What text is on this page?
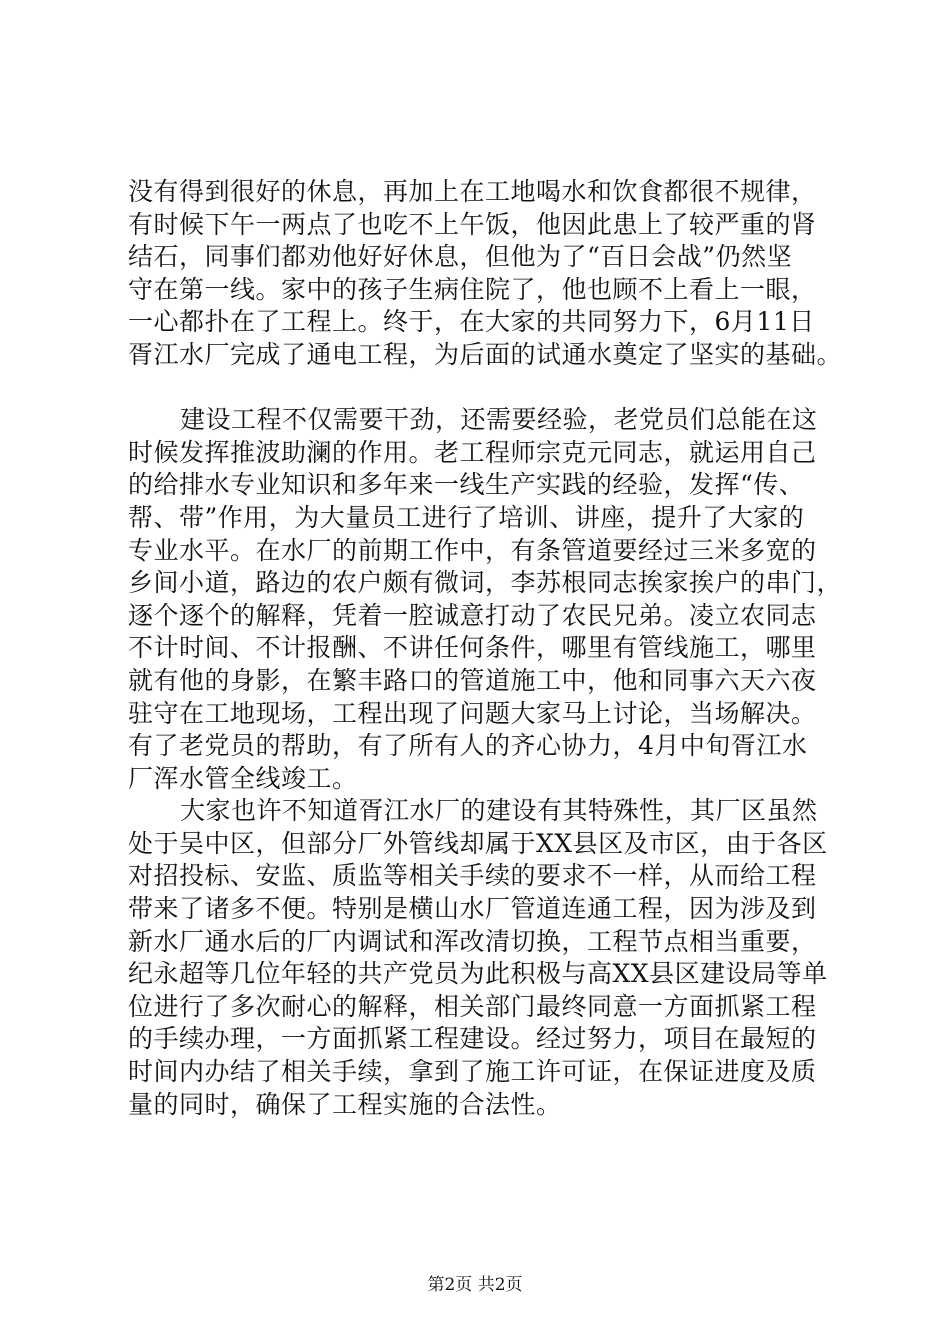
没有得到很好的休息，再加上在工地喝水和饮食都很不规律，
有时候下午一两点了也吃不上午饭，他因此患上了较严重的肾
结石，同事们都劝他好好休息，但他为了“百日会战”仍然坚
守在第一线。家中的孩子生病住院了，他也顾不上看上一眼，
一心都扑在了工程上。终于，在大家的共同努力下，6月11日
胥江水厂完成了通电工程，为后面的试通水奠定了坚实的基础。
建设工程不仅需要干劲，还需要经验，老党员们总能在这
时候发挥推波助澜的作用。老工程师宗克元同志，就运用自己
的给排水专业知识和多年来一线生产实践的经验，发挥“传、
帮、带”作用，为大量员工进行了培训、讲座，提升了大家的
专业水平。在水厂的前期工作中，有条管道要经过三米多宽的
乡间小道，路边的农户颇有微词，李苏根同志挨家挨户的串门，
逐个逐个的解释，凭着一腔诚意打动了农民兄弟。凌立农同志
不计时间、不计报酬、不讲任何条件，哪里有管线施工，哪里
就有他的身影，在繁丰路口的管道施工中，他和同事六天六夜
驻守在工地现场，工程出现了问题大家马上讨论，当场解决。
有了老党员的帮助，有了所有人的齐心协力，4月中旬胥江水
厂浑水管全线竣工。
大家也许不知道胥江水厂的建设有其特殊性，其厂区虽然
处于吴中区，但部分厂外管线却属于XX县区及市区，由于各区
对招投标、安监、质监等相关手续的要求不一样，从而给工程
带来了诸多不便。特别是横山水厂管道连通工程，因为涉及到
新水厂通水后的厂内调试和浑改清切换，工程节点相当重要，
纪永超等几位年轻的共产党员为此积极与高XX县区建设局等单
位进行了多次耐心的解释，相关部门最终同意一方面抓紧工程
的手续办理，一方面抓紧工程建设。经过努力，项目在最短的
时间内办结了相关手续，拿到了施工许可证，在保证进度及质
量的同时，确保了工程实施的合法性。
第2页 共2页
